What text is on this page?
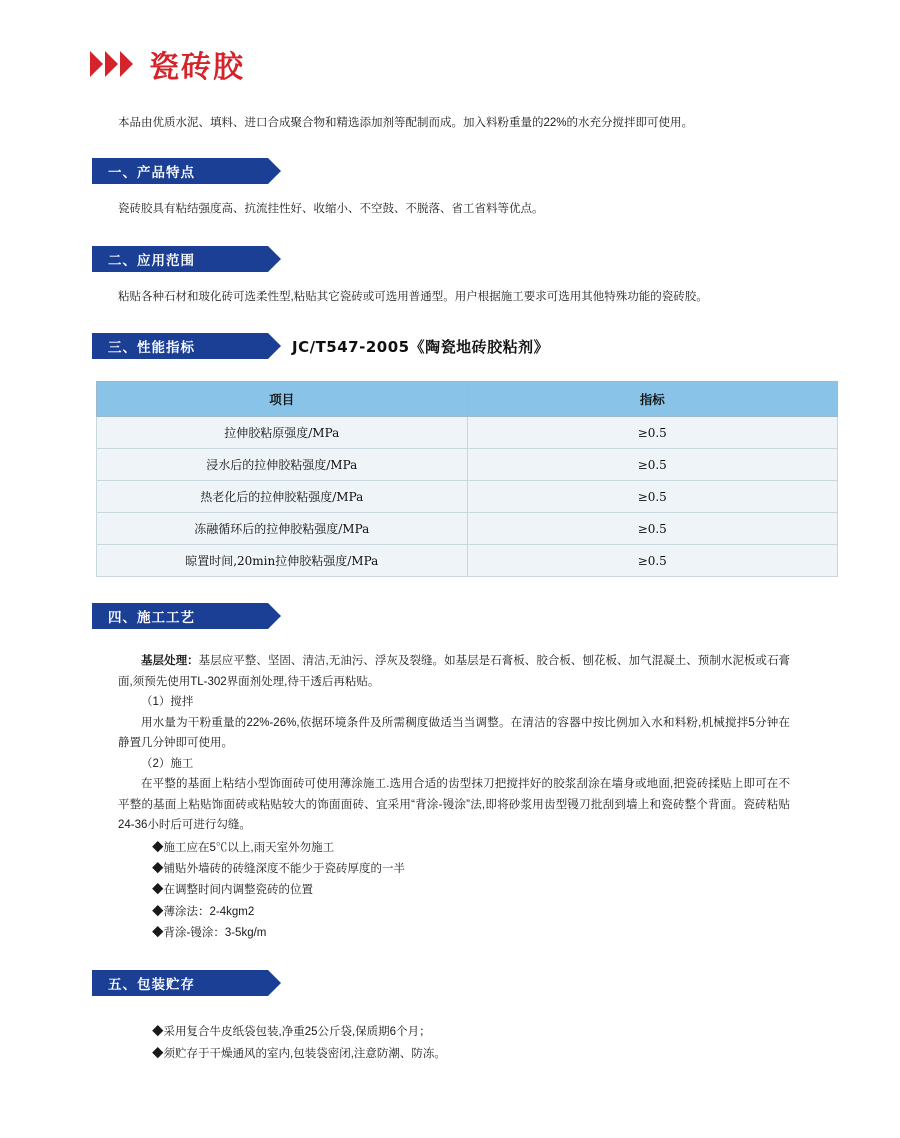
瓷砖胶
本品由优质水泥、填料、进口合成聚合物和精选添加剂等配制而成。加入料粉重量的22%的水充分搅拌即可使用。
一、产品特点
瓷砖胶具有粘结强度高、抗流挂性好、收缩小、不空鼓、不脱落、省工省料等优点。
二、应用范围
粘贴各种石材和玻化砖可选柔性型,粘贴其它瓷砖或可选用普通型。用户根据施工要求可选用其他特殊功能的瓷砖胶。
三、性能指标	JC/T547-2005《陶瓷地砖胶粘剂》
项目	指标
拉伸胶粘原强度/MPa	≥0.5
浸水后的拉伸胶粘强度/MPa	≥0.5
热老化后的拉伸胶粘强度/MPa	≥0.5
冻融循环后的拉伸胶粘强度/MPa	≥0.5
晾置时间,20min拉伸胶粘强度/MPa	≥0.5
四、施工工艺

基层处理：基层应平整、坚固、清洁,无油污、浮灰及裂缝。如基层是石膏板、胶合板、刨花板、加气混凝土、预制水泥板或石膏面,须预先使用TL-302界面剂处理,待干透后再粘贴。

（1）搅拌

用水量为干粉重量的22%-26%,依据环境条件及所需稠度做适当当调整。在清洁的容器中按比例加入水和料粉,机械搅拌5分钟在静置几分钟即可使用。

（2）施工

在平整的基面上粘结小型饰面砖可使用薄涂施工.选用合适的齿型抹刀把搅拌好的胶浆刮涂在墙身或地面,把瓷砖揉贴上即可在不平整的基面上粘贴饰面砖或粘贴较大的饰面面砖、宜采用“背涂-镘涂”法,即将砂浆用齿型镘刀批刮到墙上和瓷砖整个背面。瓷砖粘贴24-36小时后可进行勾缝。

◆施工应在5℃以上,雨天室外勿施工

◆铺贴外墙砖的砖缝深度不能少于瓷砖厚度的一半

◆在调整时间内调整瓷砖的位置

◆薄涂法：2-4kgm2

◆背涂-镘涂：3-5kg/m

五、包装贮存

◆采用复合牛皮纸袋包装,净重25公斤袋,保质期6个月；

◆须贮存于干燥通风的室内,包装袋密闭,注意防潮、防冻。
